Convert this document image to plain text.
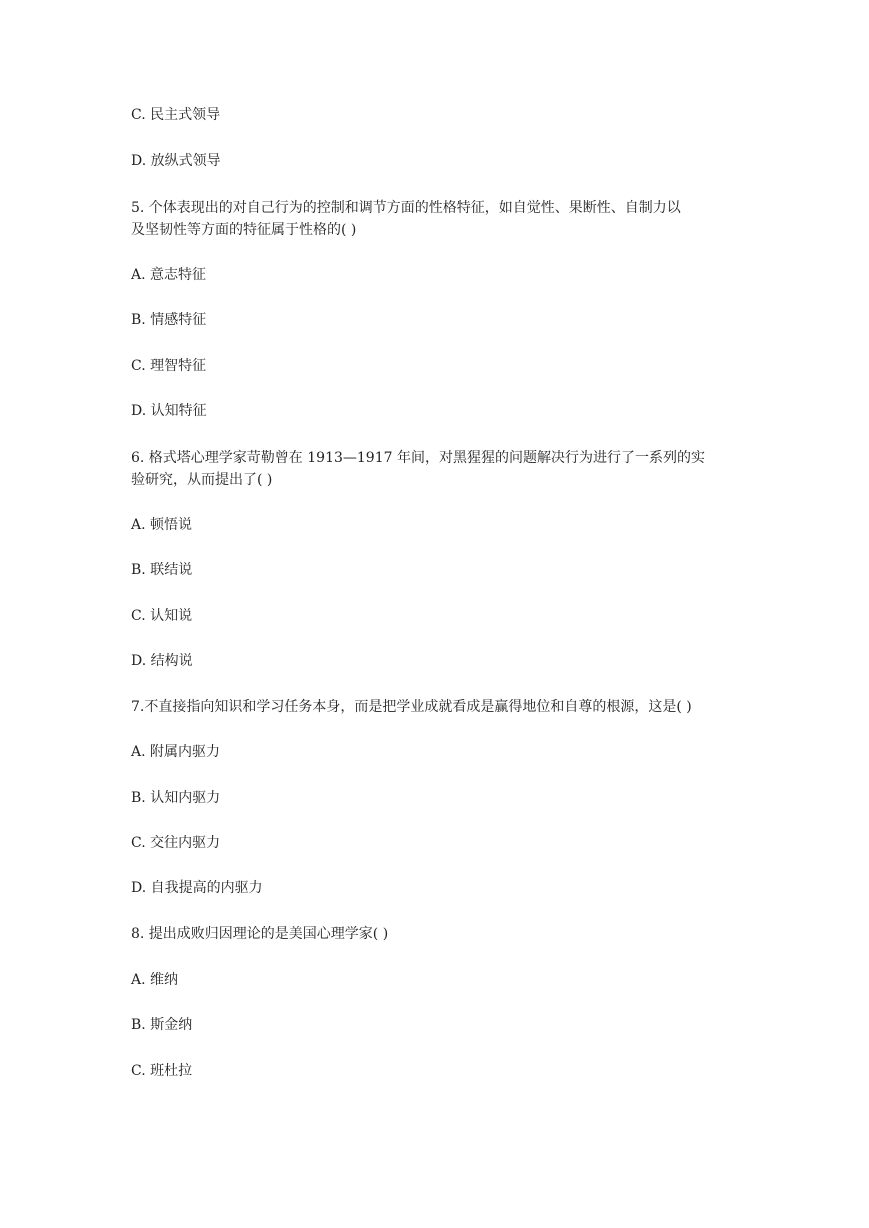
C. 民主式领导
D. 放纵式领导
5. 个体表现出的对自己行为的控制和调节方面的性格特征，如自觉性、果断性、自制力以
及坚韧性等方面的特征属于性格的( )
A. 意志特征
B. 情感特征
C. 理智特征
D. 认知特征
6. 格式塔心理学家苛勒曾在 1913—1917 年间，对黑猩猩的问题解决行为进行了一系列的实
验研究，从而提出了( )
A. 顿悟说
B. 联结说
C. 认知说
D. 结构说
7.不直接指向知识和学习任务本身，而是把学业成就看成是赢得地位和自尊的根源，这是( )
A. 附属内驱力
B. 认知内驱力
C. 交往内驱力
D. 自我提高的内驱力
8. 提出成败归因理论的是美国心理学家( )
A. 维纳
B. 斯金纳
C. 班杜拉
